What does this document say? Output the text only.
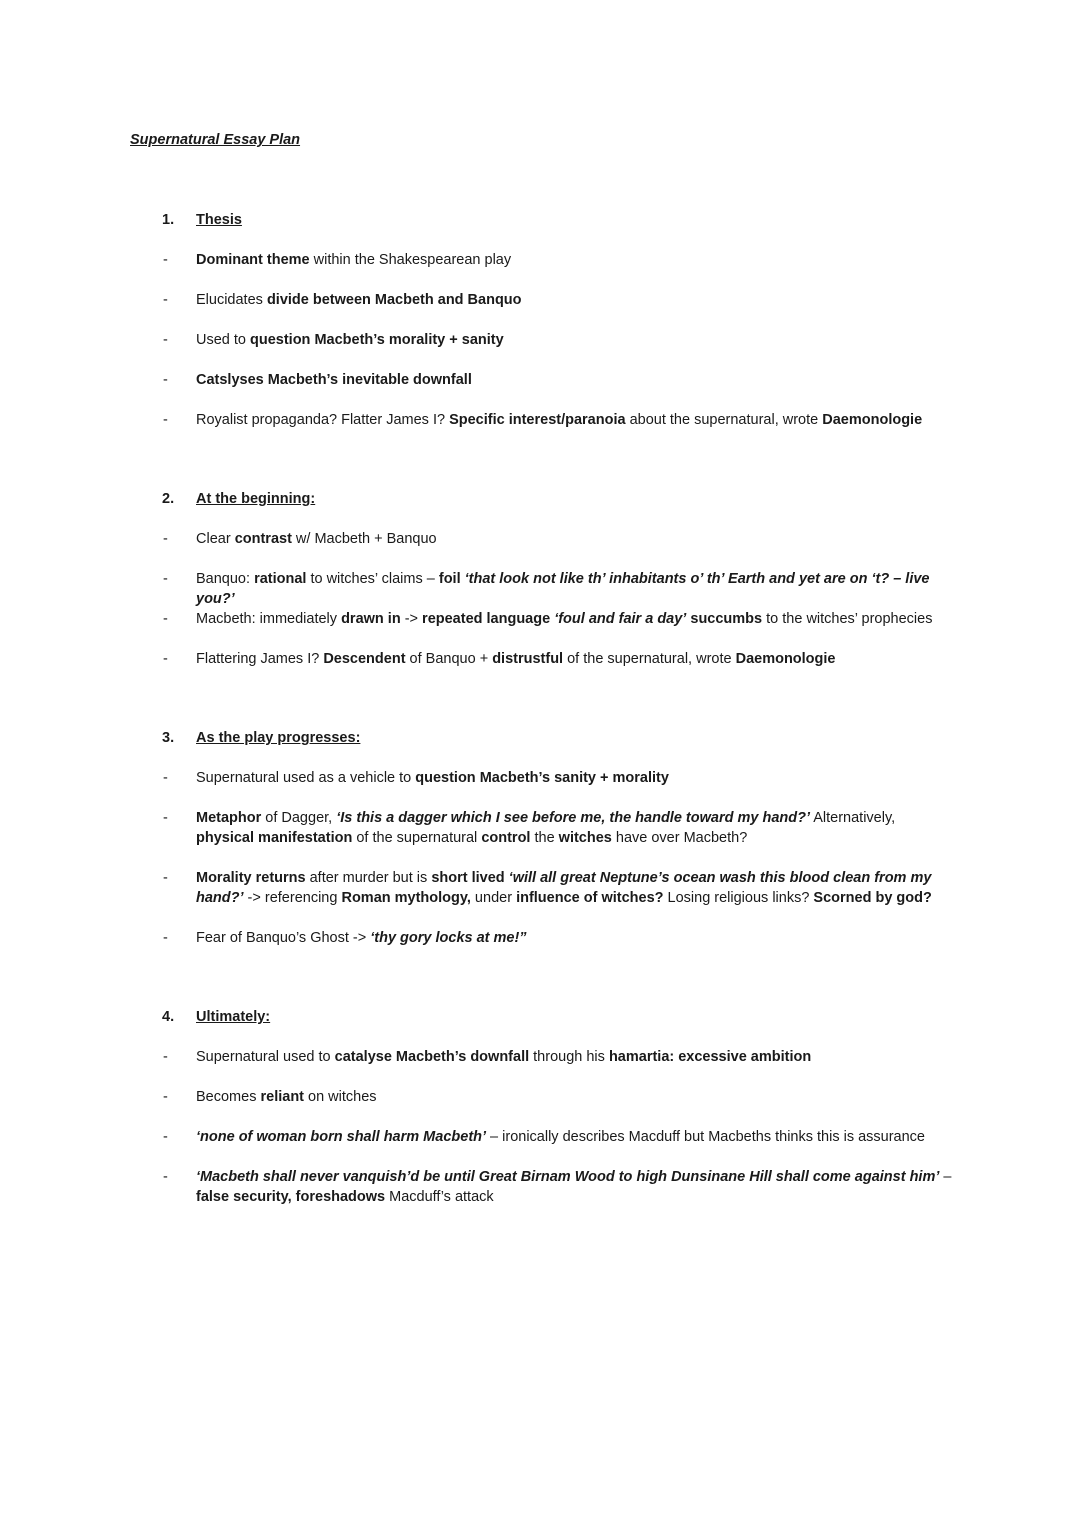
Supernatural Essay Plan
1. Thesis
- Dominant theme within the Shakespearean play
- Elucidates divide between Macbeth and Banquo
- Used to question Macbeth’s morality + sanity
- Catslyses Macbeth’s inevitable downfall
- Royalist propaganda? Flatter James I? Specific interest/paranoia about the supernatural, wrote Daemonologie
2. At the beginning:
- Clear contrast w/ Macbeth + Banquo
- Banquo: rational to witches’ claims – foil ‘that look not like th’ inhabitants o’ th’ Earth and yet are on ‘t? – live you?’
- Macbeth: immediately drawn in -> repeated language ‘foul and fair a day’ succumbs to the witches’ prophecies
- Flattering James I? Descendent of Banquo + distrustful of the supernatural, wrote Daemonologie
3. As the play progresses:
- Supernatural used as a vehicle to question Macbeth’s sanity + morality
- Metaphor of Dagger, ‘Is this a dagger which I see before me, the handle toward my hand?’ Alternatively, physical manifestation of the supernatural control the witches have over Macbeth?
- Morality returns after murder but is short lived ‘will all great Neptune’s ocean wash this blood clean from my hand?’ -> referencing Roman mythology, under influence of witches? Losing religious links? Scorned by god?
- Fear of Banquo’s Ghost -> ‘thy gory locks at me!”
4. Ultimately:
- Supernatural used to catalyse Macbeth’s downfall through his hamartia: excessive ambition
- Becomes reliant on witches
- ‘none of woman born shall harm Macbeth’ – ironically describes Macduff but Macbeths thinks this is assurance
- ‘Macbeth shall never vanquish’d be until Great Birnam Wood to high Dunsinane Hill shall come against him’ – false security, foreshadows Macduff’s attack
